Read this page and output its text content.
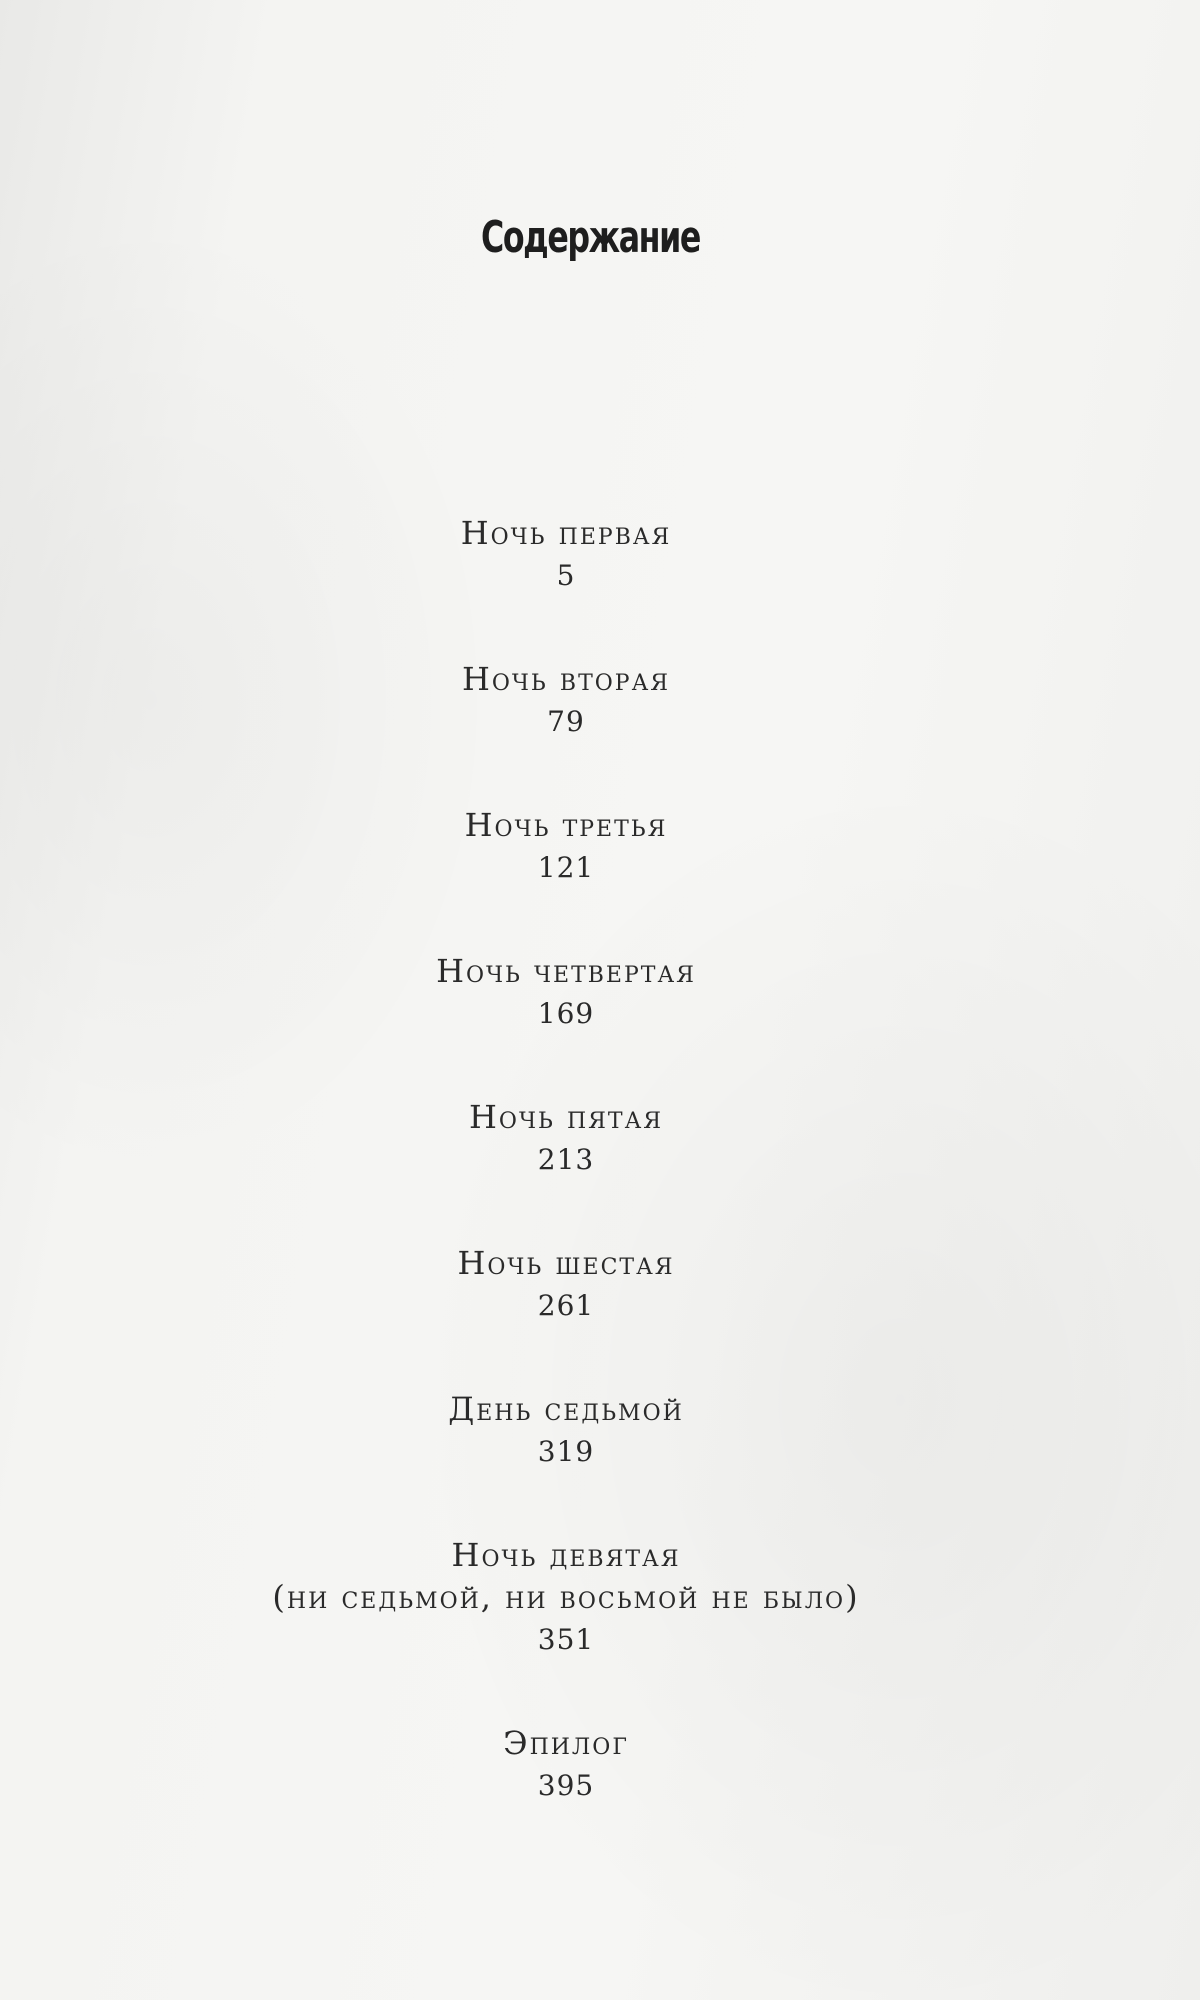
Содержание
Ночь первая
5
Ночь вторая
79
Ночь третья
121
Ночь четвертая
169
Ночь пятая
213
Ночь шестая
261
День седьмой
319
Ночь девятая
(ни седьмой, ни восьмой не было)
351
Эпилог
395
